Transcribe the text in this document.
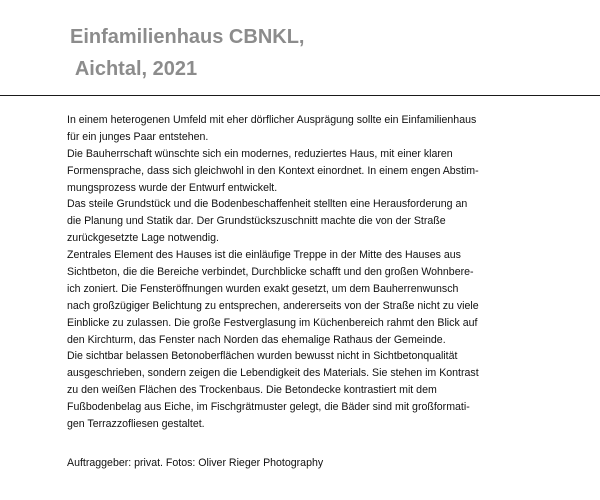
Einfamilienhaus CBNKL,
Aichtal, 2021
In einem heterogenen Umfeld mit eher dörflicher Ausprägung sollte ein Einfamilienhaus
für ein junges Paar entstehen.
Die Bauherrschaft wünschte sich ein modernes, reduziertes Haus, mit einer klaren
Formensprache, dass sich gleichwohl in den Kontext einordnet. In einem engen Abstim-
mungsprozess wurde der Entwurf entwickelt.
Das steile Grundstück und die Bodenbeschaffenheit stellten eine Herausforderung an
die Planung und Statik dar. Der Grundstückszuschnitt machte die von der Straße
zurückgesetzte Lage notwendig.
Zentrales Element des Hauses ist die einläufige Treppe in der Mitte des Hauses aus
Sichtbeton, die die Bereiche verbindet, Durchblicke schafft und den großen Wohnbere-
ich zoniert. Die Fensteröffnungen wurden exakt gesetzt, um dem Bauherrenwunsch
nach großzügiger Belichtung zu entsprechen, andererseits von der Straße nicht zu viele
Einblicke zu zulassen. Die große Festverglasung im Küchenbereich rahmt den Blick auf
den Kirchturm, das Fenster nach Norden das ehemalige Rathaus der Gemeinde.
Die sichtbar belassen Betonoberflächen wurden bewusst nicht in Sichtbetonqualität
ausgeschrieben, sondern zeigen die Lebendigkeit des Materials. Sie stehen im Kontrast
zu den weißen Flächen des Trockenbaus. Die Betondecke kontrastiert mit dem
Fußbodenbelag aus Eiche, im Fischgrätmuster gelegt, die Bäder sind mit großformati-
gen Terrazzofliesen gestaltet.
Auftraggeber: privat. Fotos: Oliver Rieger Photography
